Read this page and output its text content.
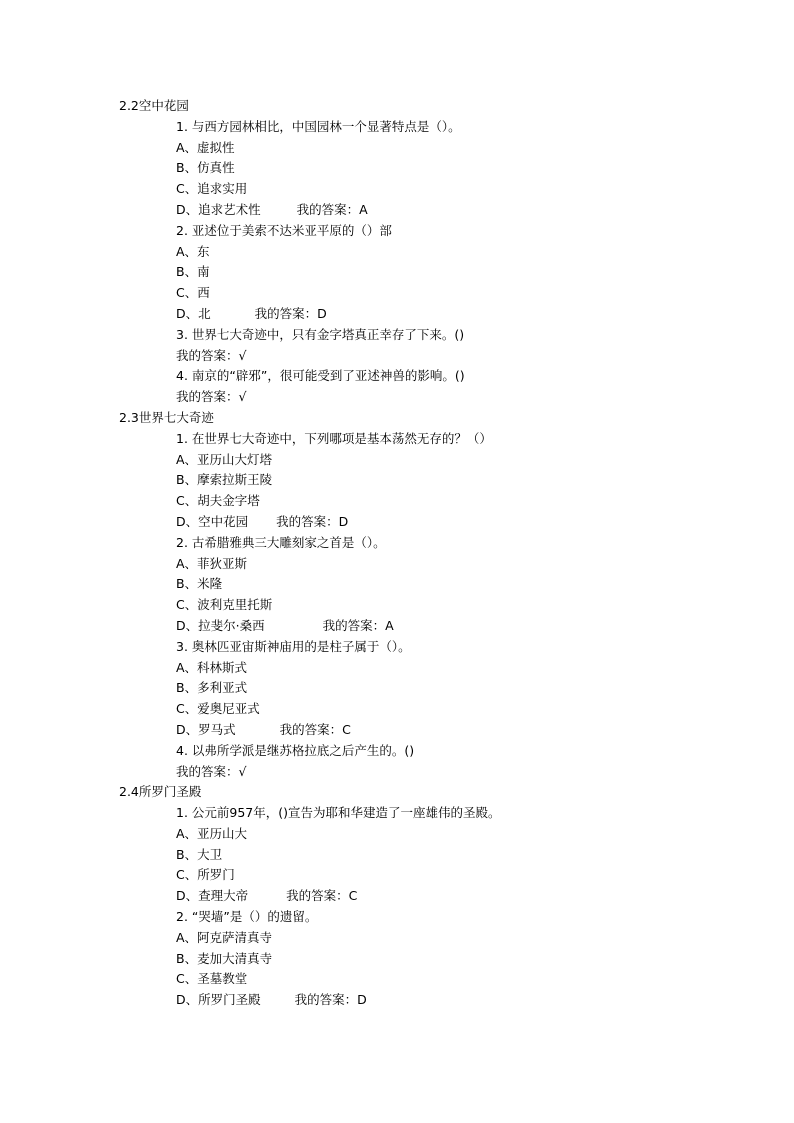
2.2空中花园
1. 与西方园林相比，中国园林一个显著特点是（）。
A、虚拟性
B、仿真性
C、追求实用
D、追求艺术性	我的答案：A
2. 亚述位于美索不达米亚平原的（）部
A、东
B、南
C、西
D、北	我的答案：D
3. 世界七大奇迹中，只有金字塔真正幸存了下来。()
我的答案：√
4. 南京的“辟邪”，很可能受到了亚述神兽的影响。()
我的答案：√
2.3世界七大奇迹
1. 在世界七大奇迹中，下列哪项是基本荡然无存的？（）
A、亚历山大灯塔
B、摩索拉斯王陵
C、胡夫金字塔
D、空中花园 我的答案：D
2. 古希腊雅典三大雕刻家之首是（）。
A、菲狄亚斯
B、米隆
C、波利克里托斯
D、拉斐尔·桑西	我的答案：A
3. 奥林匹亚宙斯神庙用的是柱子属于（）。
A、科林斯式
B、多利亚式
C、爱奥尼亚式
D、罗马式	我的答案：C
4. 以弗所学派是继苏格拉底之后产生的。()
我的答案：√
2.4所罗门圣殿
1. 公元前957年，()宣告为耶和华建造了一座雄伟的圣殿。
A、亚历山大
B、大卫
C、所罗门
D、查理大帝	我的答案：C
2. “哭墙”是（）的遗留。
A、阿克萨清真寺
B、麦加大清真寺
C、圣墓教堂
D、所罗门圣殿	我的答案：D
